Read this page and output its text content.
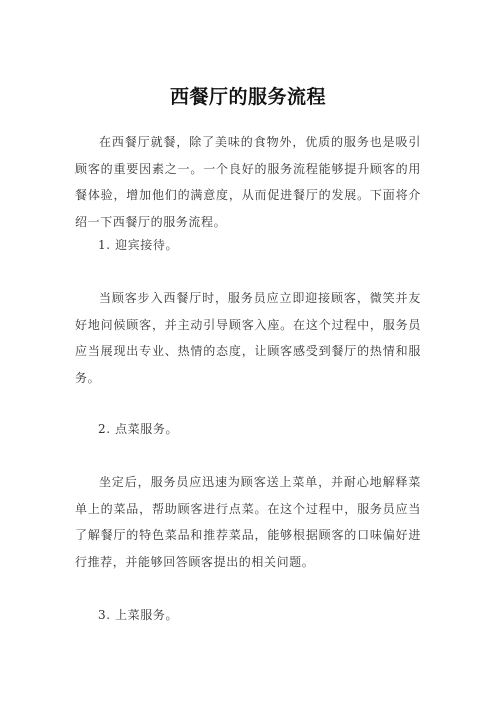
西餐厅的服务流程

在西餐厅就餐，除了美味的食物外，优质的服务也是吸引顾客的重要因素之一。一个良好的服务流程能够提升顾客的用餐体验，增加他们的满意度，从而促进餐厅的发展。下面将介绍一下西餐厅的服务流程。

1. 迎宾接待。

当顾客步入西餐厅时，服务员应立即迎接顾客，微笑并友好地问候顾客，并主动引导顾客入座。在这个过程中，服务员应当展现出专业、热情的态度，让顾客感受到餐厅的热情和服务。

2. 点菜服务。

坐定后，服务员应迅速为顾客送上菜单，并耐心地解释菜单上的菜品，帮助顾客进行点菜。在这个过程中，服务员应当了解餐厅的特色菜品和推荐菜品，能够根据顾客的口味偏好进行推荐，并能够回答顾客提出的相关问题。

3. 上菜服务。
